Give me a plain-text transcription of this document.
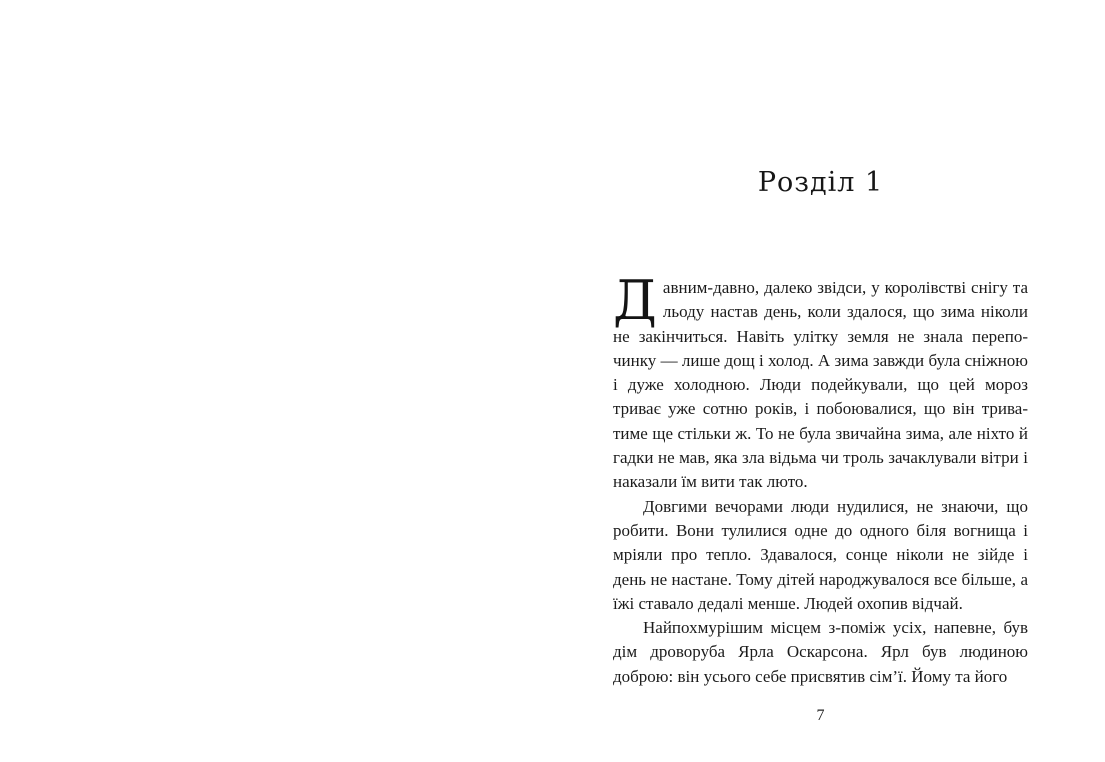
Розділ 1

Давним-давно, далеко звідси, у королівстві снігу та льоду настав день, коли здалося, що зима ніколи не закінчиться. Навіть улітку земля не знала перепочинку — лише дощ і холод. А зима завжди була сніжною і дуже холодною. Люди подейкували, що цей мороз триває уже сотню років, і побоювалися, що він триватиме ще стільки ж. То не була звичайна зима, але ніхто й гадки не мав, яка зла відьма чи троль зачаклували вітри і наказали їм вити так люто.

Довгими вечорами люди нудилися, не знаючи, що робити. Вони тулилися одне до одного біля вогнища і мріяли про тепло. Здавалося, сонце ніколи не зійде і день не настане. Тому дітей народжувалося все більше, а їжі ставало дедалі менше. Людей охопив відчай.

Найпохмурішим місцем з-поміж усіх, напевне, був дім дроворуба Ярла Оскарсона. Ярл був людиною доброю: він усього себе присвятив сім’ї. Йому та його

7
